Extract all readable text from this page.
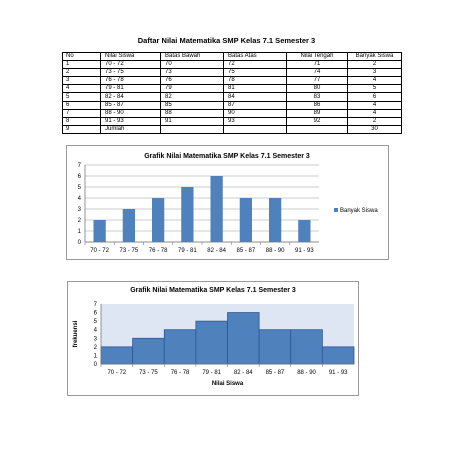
Daftar Nilai Matematika SMP Kelas 7.1 Semester 3
No	Nilai Siswa	Batas Bawah	Batas Atas	Nilai Tengah	Banyak Siswa
1	70 - 72	70	72	71	2
2	73 - 75	73	75	74	3
3	76 - 78	76	78	77	4
4	79 - 81	79	81	80	5
5	82 - 84	82	84	83	6
6	85 - 87	85	87	86	4
7	88 - 90	88	90	89	4
8	91 - 93	91	93	92	2
9	Jumlah				30
Grafik Nilai Matematika SMP Kelas 7.1 Semester 3
0
1
2
3
4
5
6
7
70 - 72 73 - 75 76 - 78 79 - 81 82 - 84 85 - 87 88 - 90 91 - 93
Banyak Siswa
Grafik Nilai Matematika SMP Kelas 7.1 Semester 3
0
1
2
3
4
5
6
7
70 - 72 73 - 75 76 - 78 79 - 81 82 - 84 85 - 87 88 - 90 91 - 93
Nilai Siswa
frekuensi
